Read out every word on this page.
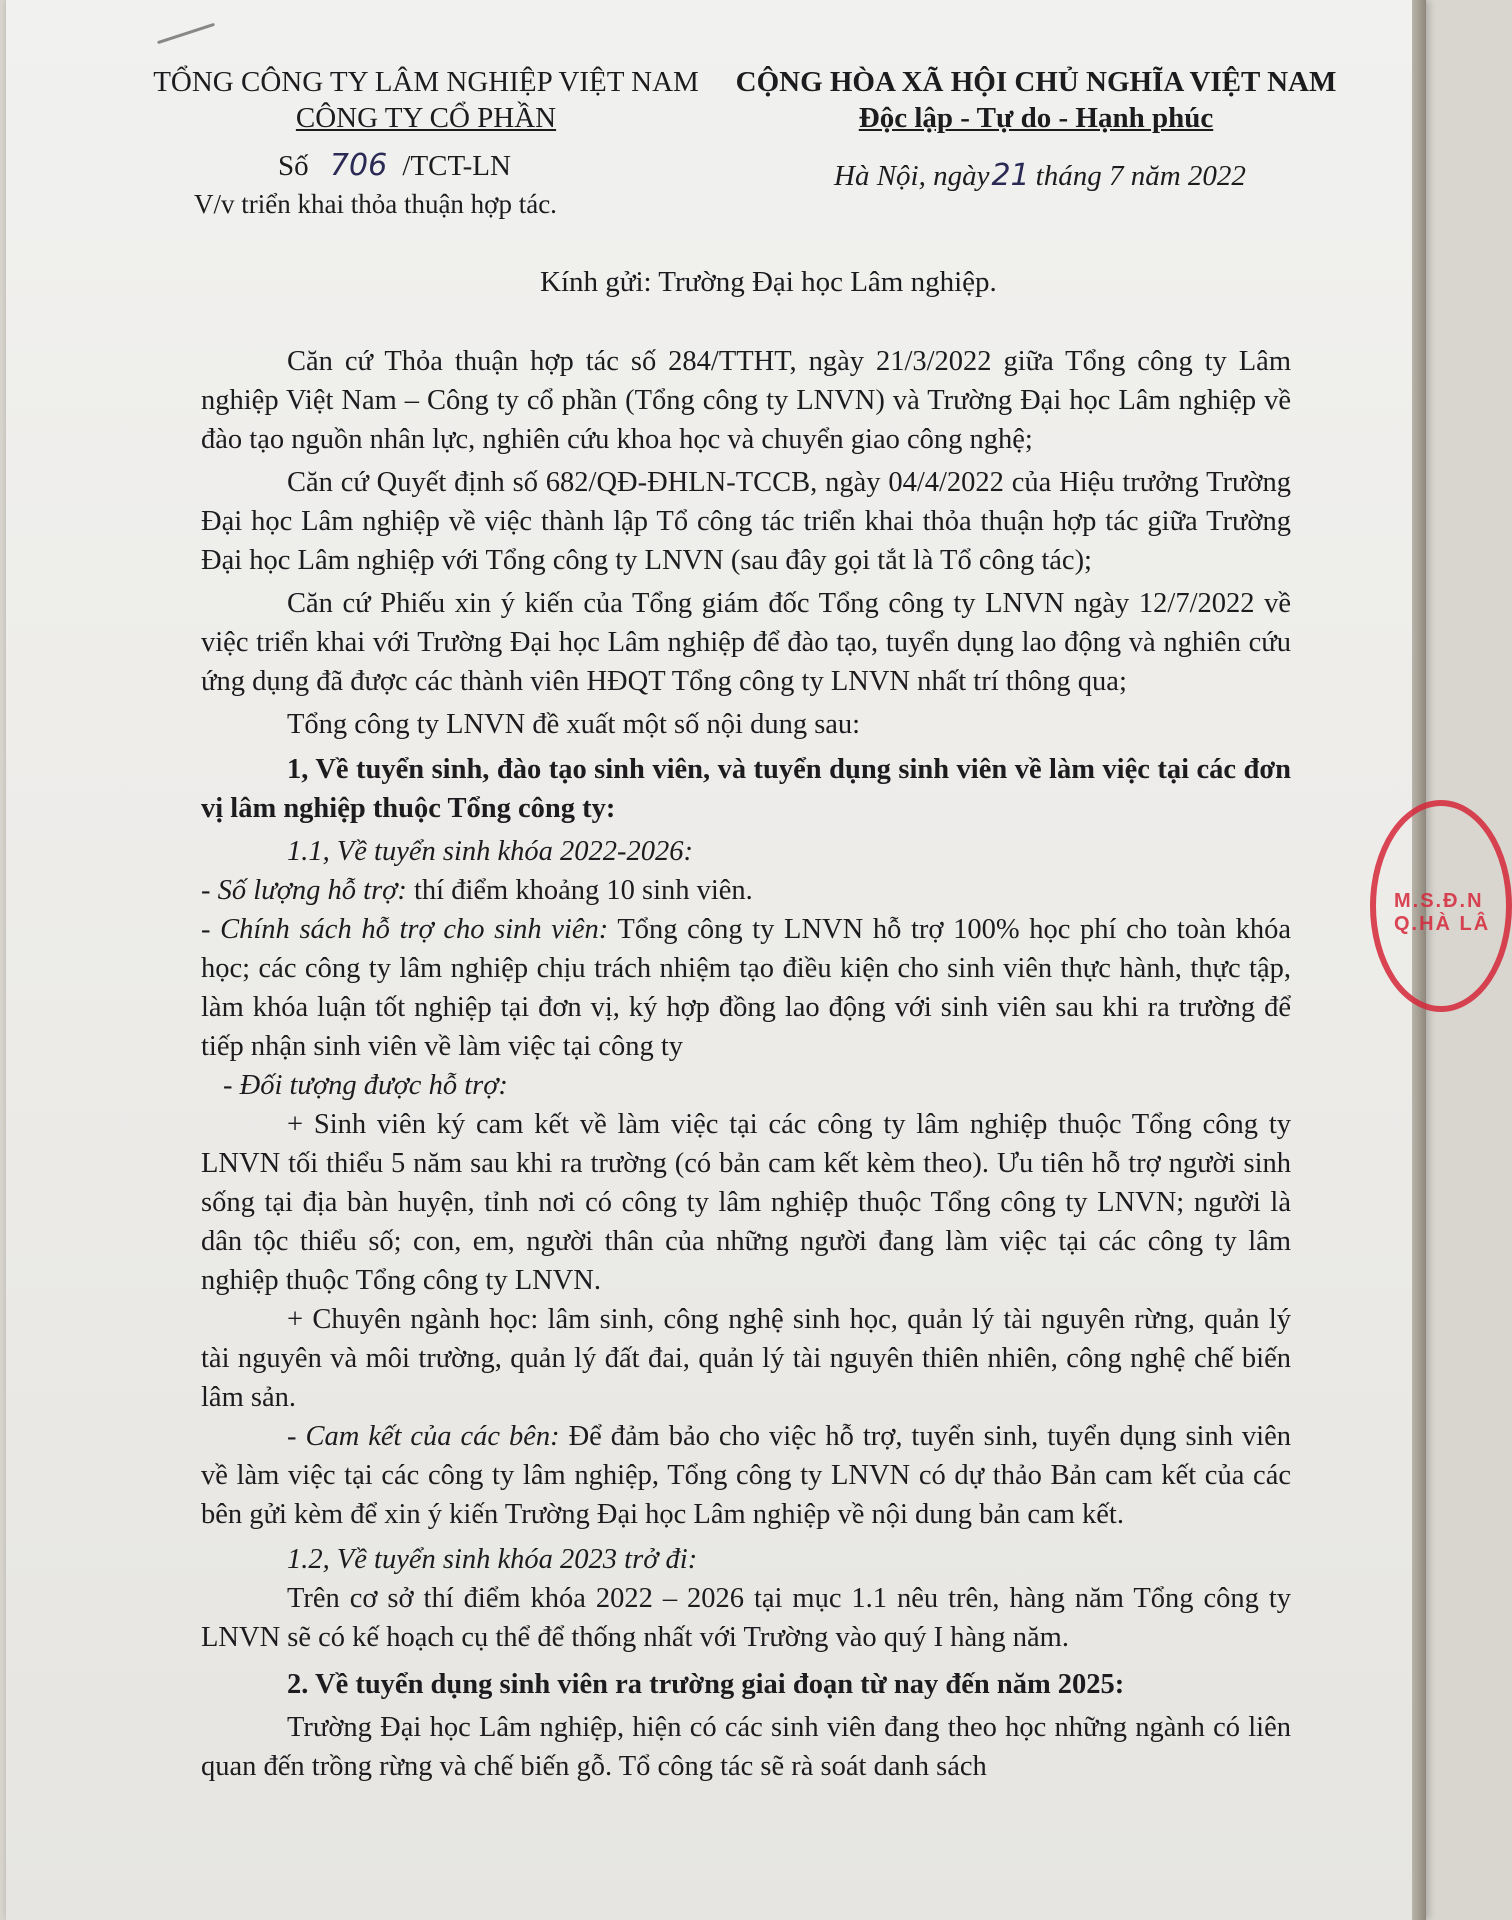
TỔNG CÔNG TY LÂM NGHIỆP VIỆT NAM
CÔNG TY CỔ PHẦN
Số 706 /TCT-LN
V/v triển khai thỏa thuận hợp tác.
CỘNG HÒA XÃ HỘI CHỦ NGHĨA VIỆT NAM
Độc lập - Tự do - Hạnh phúc
Hà Nội, ngày21 tháng 7 năm 2022
Kính gửi: Trường Đại học Lâm nghiệp.

Căn cứ Thỏa thuận hợp tác số 284/TTHT, ngày 21/3/2022 giữa Tổng công ty Lâm nghiệp Việt Nam – Công ty cổ phần (Tổng công ty LNVN) và Trường Đại học Lâm nghiệp về đào tạo nguồn nhân lực, nghiên cứu khoa học và chuyển giao công nghệ;

Căn cứ Quyết định số 682/QĐ-ĐHLN-TCCB, ngày 04/4/2022 của Hiệu trưởng Trường Đại học Lâm nghiệp về việc thành lập Tổ công tác triển khai thỏa thuận hợp tác giữa Trường Đại học Lâm nghiệp với Tổng công ty LNVN (sau đây gọi tắt là Tổ công tác);

Căn cứ Phiếu xin ý kiến của Tổng giám đốc Tổng công ty LNVN ngày 12/7/2022 về việc triển khai với Trường Đại học Lâm nghiệp để đào tạo, tuyển dụng lao động và nghiên cứu ứng dụng đã được các thành viên HĐQT Tổng công ty LNVN nhất trí thông qua;

Tổng công ty LNVN đề xuất một số nội dung sau:

1, Về tuyển sinh, đào tạo sinh viên, và tuyển dụng sinh viên về làm việc tại các đơn vị lâm nghiệp thuộc Tổng công ty:

1.1, Về tuyển sinh khóa 2022-2026:

- Số lượng hỗ trợ: thí điểm khoảng 10 sinh viên.

- Chính sách hỗ trợ cho sinh viên: Tổng công ty LNVN hỗ trợ 100% học phí cho toàn khóa học; các công ty lâm nghiệp chịu trách nhiệm tạo điều kiện cho sinh viên thực hành, thực tập, làm khóa luận tốt nghiệp tại đơn vị, ký hợp đồng lao động với sinh viên sau khi ra trường để tiếp nhận sinh viên về làm việc tại công ty

- Đối tượng được hỗ trợ:

+ Sinh viên ký cam kết về làm việc tại các công ty lâm nghiệp thuộc Tổng công ty LNVN tối thiểu 5 năm sau khi ra trường (có bản cam kết kèm theo). Ưu tiên hỗ trợ người sinh sống tại địa bàn huyện, tỉnh nơi có công ty lâm nghiệp thuộc Tổng công ty LNVN; người là dân tộc thiểu số; con, em, người thân của những người đang làm việc tại các công ty lâm nghiệp thuộc Tổng công ty LNVN.

+ Chuyên ngành học: lâm sinh, công nghệ sinh học, quản lý tài nguyên rừng, quản lý tài nguyên và môi trường, quản lý đất đai, quản lý tài nguyên thiên nhiên, công nghệ chế biến lâm sản.

- Cam kết của các bên: Để đảm bảo cho việc hỗ trợ, tuyển sinh, tuyển dụng sinh viên về làm việc tại các công ty lâm nghiệp, Tổng công ty LNVN có dự thảo Bản cam kết của các bên gửi kèm để xin ý kiến Trường Đại học Lâm nghiệp về nội dung bản cam kết.

1.2, Về tuyển sinh khóa 2023 trở đi:

Trên cơ sở thí điểm khóa 2022 – 2026 tại mục 1.1 nêu trên, hàng năm Tổng công ty LNVN sẽ có kế hoạch cụ thể để thống nhất với Trường vào quý I hàng năm.

2. Về tuyển dụng sinh viên ra trường giai đoạn từ nay đến năm 2025:

Trường Đại học Lâm nghiệp, hiện có các sinh viên đang theo học những ngành có liên quan đến trồng rừng và chế biến gỗ. Tổ công tác sẽ rà soát danh sách

M.S.Đ.N Q.HÀ LÂ
